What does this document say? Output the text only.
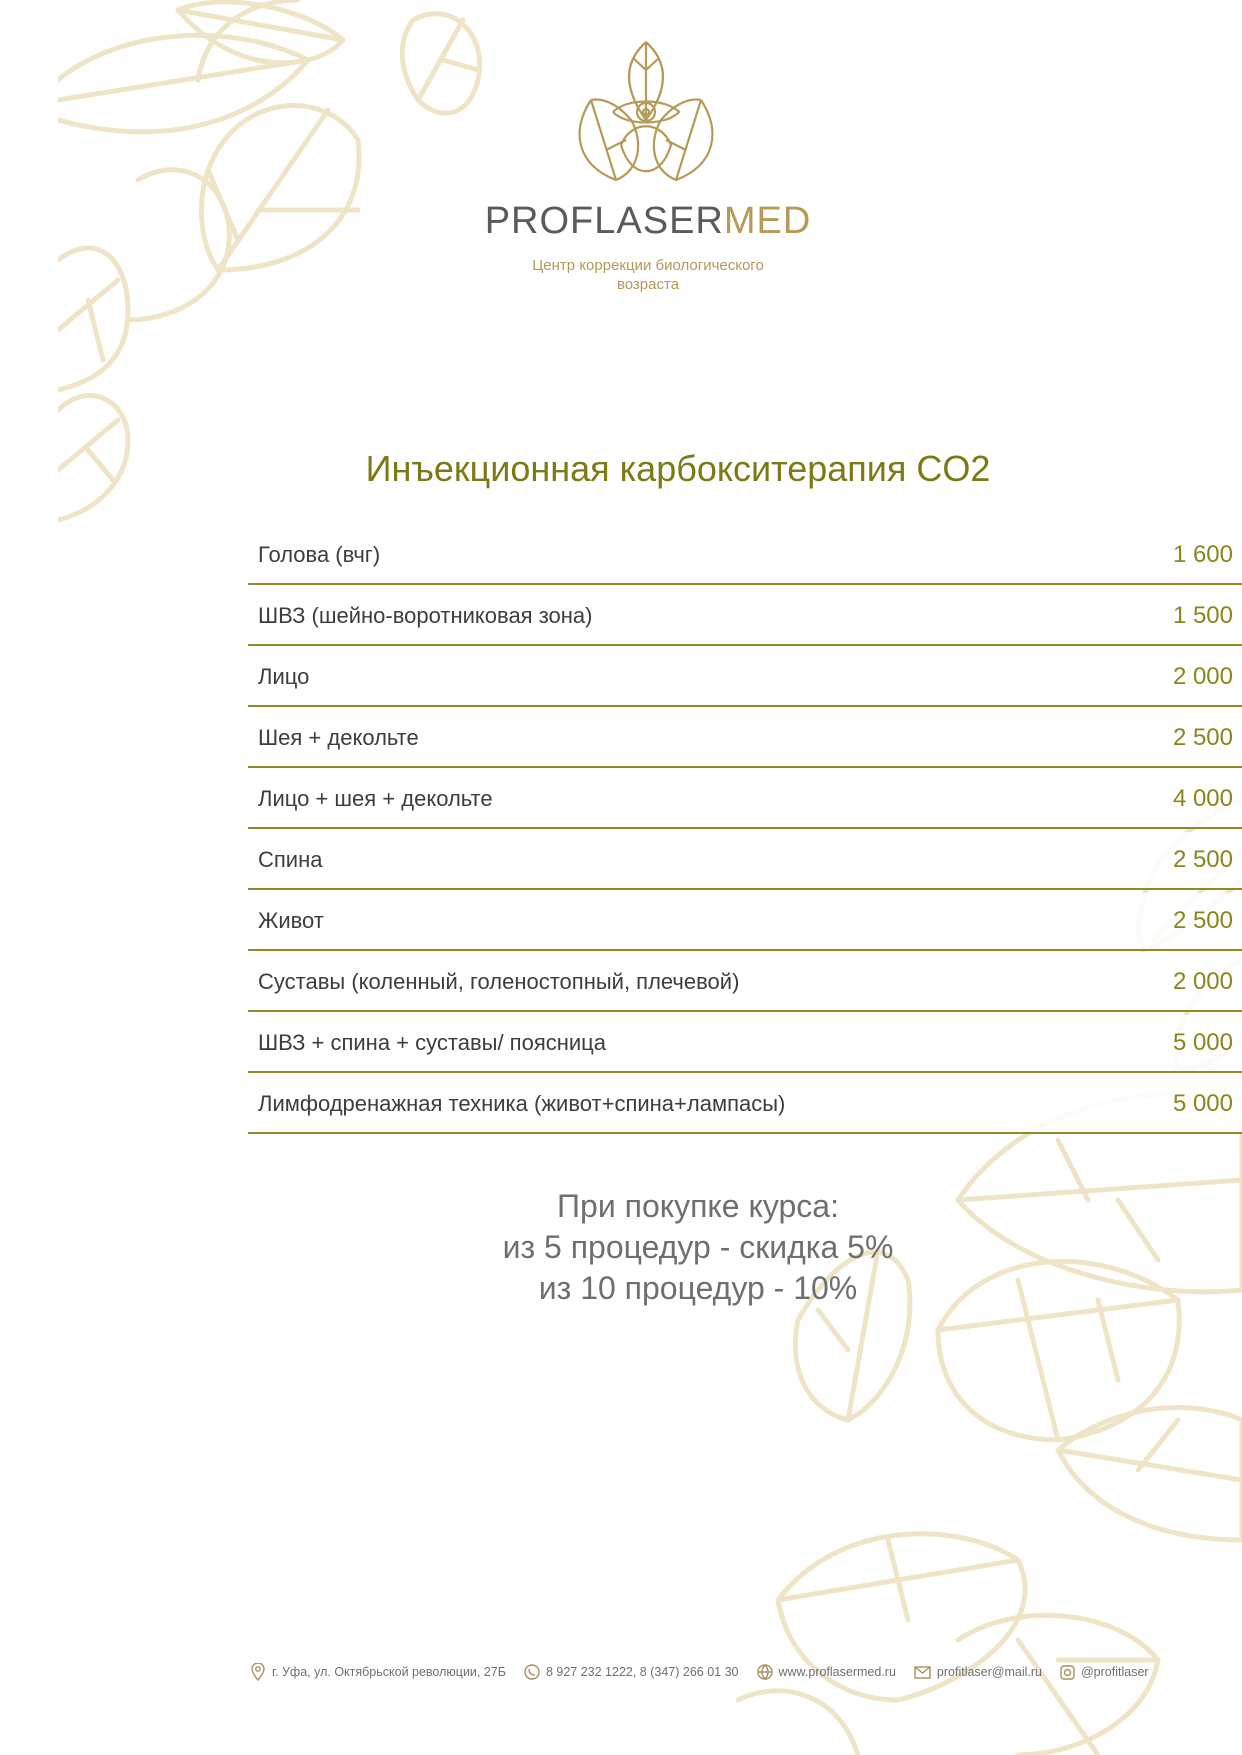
PROFLASERMED
Центр коррекции биологического
возраста
Инъекционная карбокситерапия CO2
Голова (вчг)	1 600
ШВЗ (шейно-воротниковая зона)	1 500
Лицо	2 000
Шея + декольте	2 500
Лицо + шея + декольте	4 000
Спина	2 500
Живот	2 500
Суставы (коленный, голеностопный, плечевой)	2 000
ШВЗ + спина + суставы/ поясница	5 000
Лимфодренажная техника (живот+спина+лампасы)	5 000
При покупке курса:
из 5 процедур - скидка 5%
из 10 процедур - 10%
г. Уфа, ул. Октябрьской революции, 27Б	8 927 232 1222, 8 (347) 266 01 30	www.proflasermed.ru	profitlaser@mail.ru	@profitlaser
